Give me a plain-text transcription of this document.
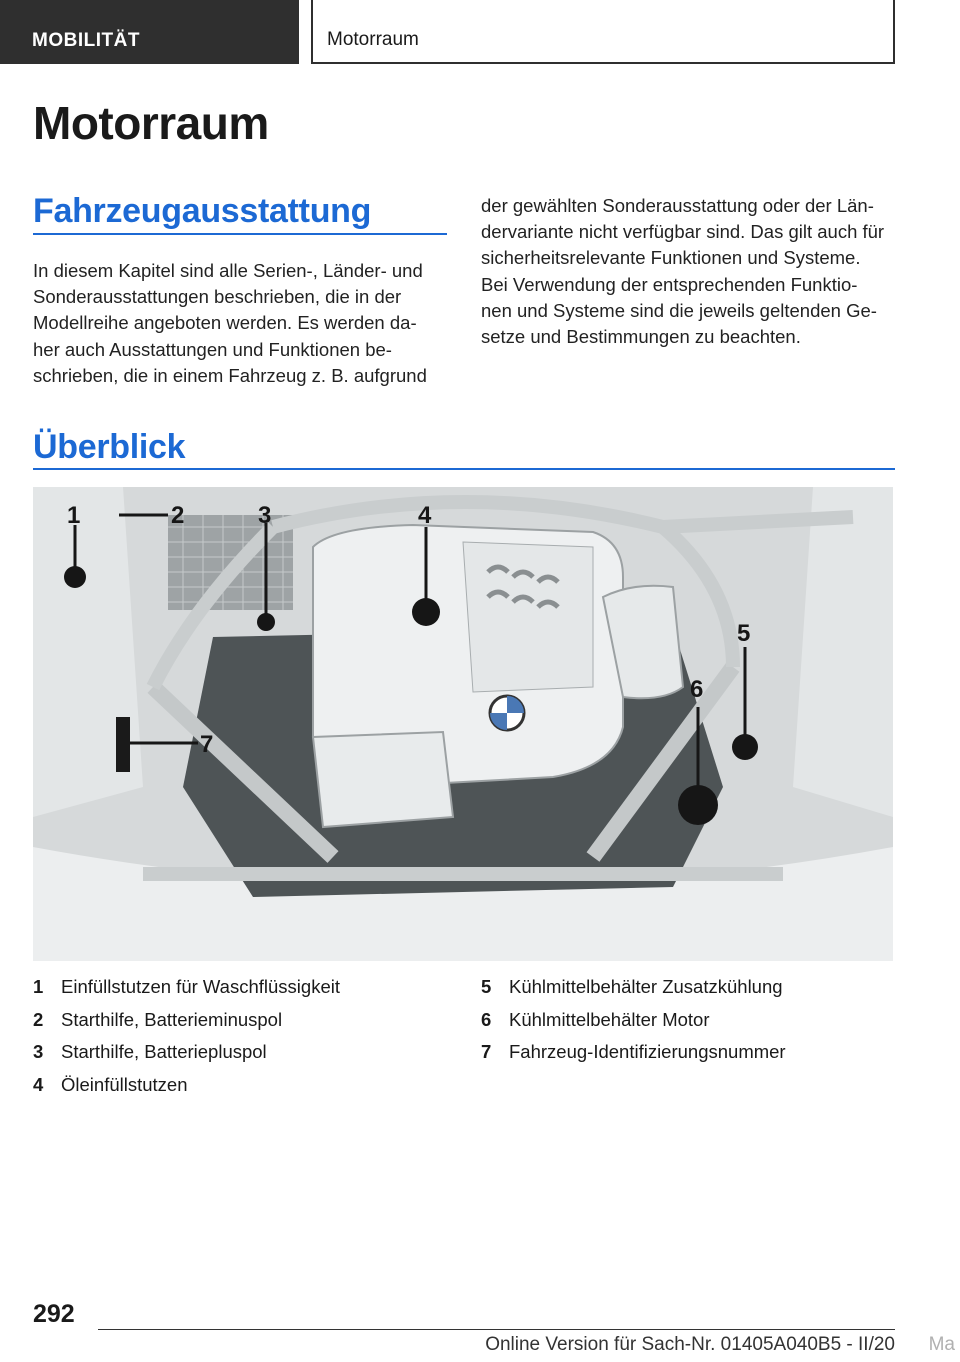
MOBILITÄT	Motorraum
Motorraum
Fahrzeugausstattung

In diesem Kapitel sind alle Serien-, Länder- und
Sonderausstattungen beschrieben, die in der
Modellreihe angeboten werden. Es werden da-
her auch Ausstattungen und Funktionen be-
schrieben, die in einem Fahrzeug z. B. aufgrund

der gewählten Sonderausstattung oder der Län-
dervariante nicht verfügbar sind. Das gilt auch für
sicherheitsrelevante Funktionen und Systeme.
Bei Verwendung der entsprechenden Funktio-
nen und Systeme sind die jeweils geltenden Ge-
setze und Bestimmungen zu beachten.

Überblick
1	2	3	4
5
6
7
1 Einfüllstutzen für Waschflüssigkeit
2 Starthilfe, Batterieminuspol
3 Starthilfe, Batteriepluspol
4 Öleinfüllstutzen
5 Kühlmittelbehälter Zusatzkühlung
6 Kühlmittelbehälter Motor
7 Fahrzeug-Identifizierungsnummer
292
Online Version für Sach-Nr. 01405A040B5 - II/20 Ma
